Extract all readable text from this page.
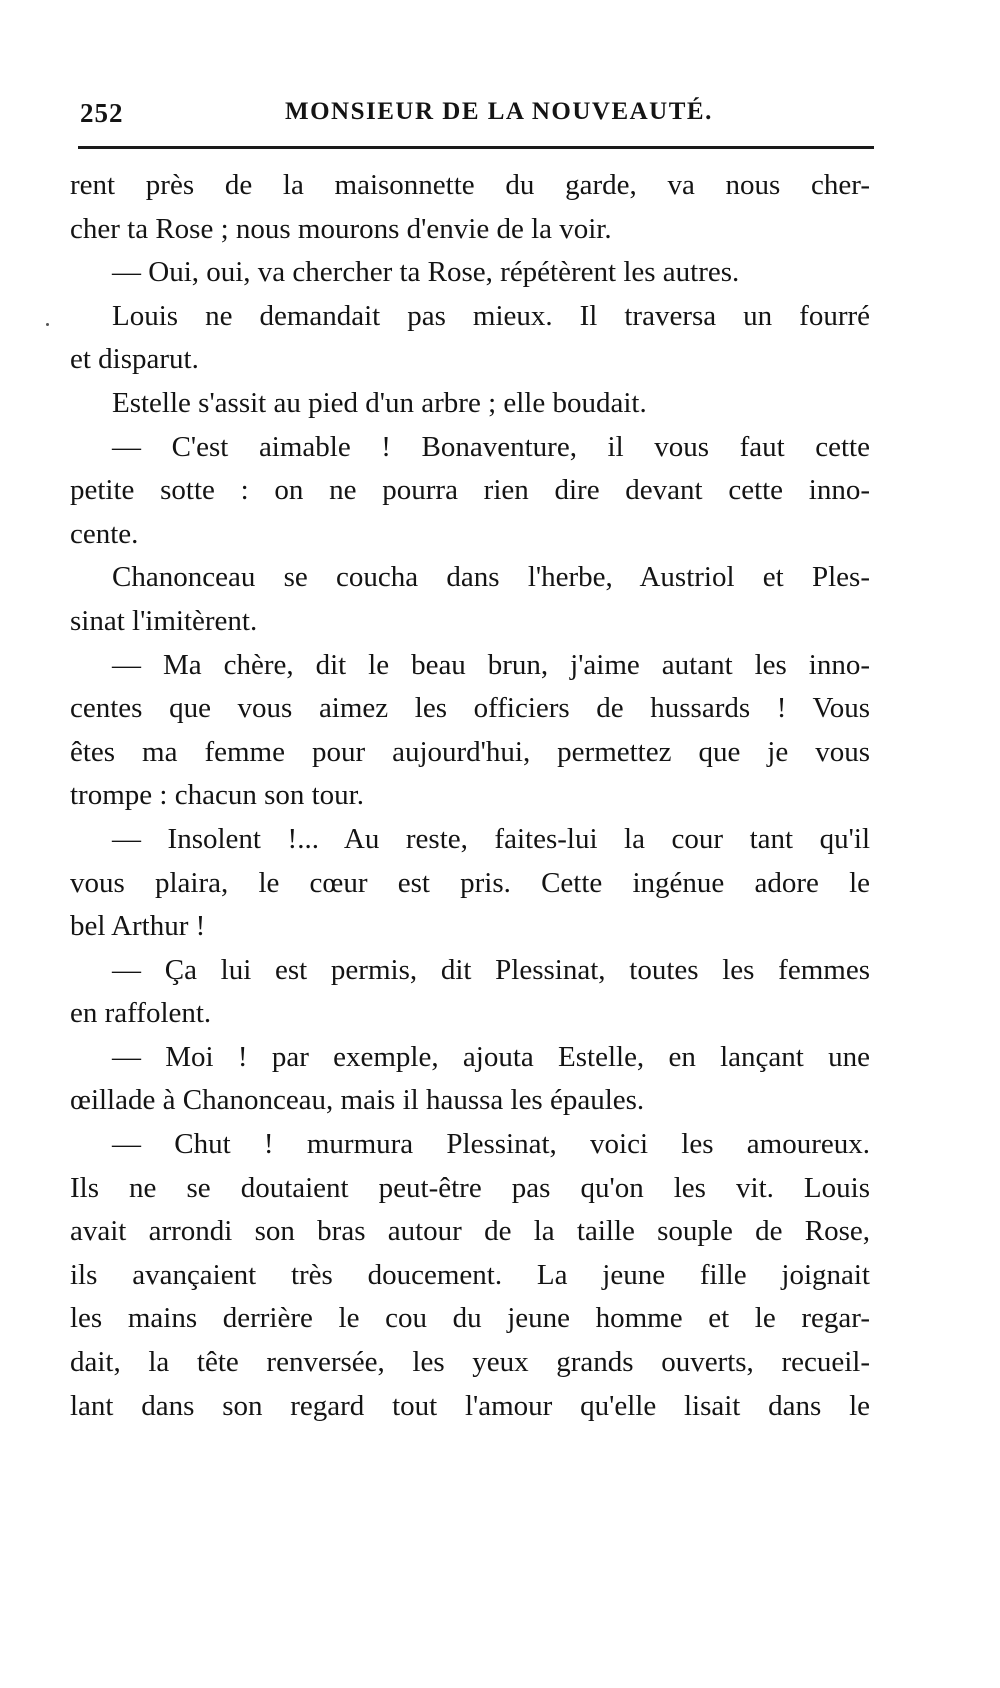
252	MONSIEUR DE LA NOUVEAUTÉ.
rent près de la maisonnette du garde, va nous cher-
cher ta Rose ; nous mourons d'envie de la voir.
— Oui, oui, va chercher ta Rose, répétèrent les autres.
Louis ne demandait pas mieux. Il traversa un fourré
et disparut.
Estelle s'assit au pied d'un arbre ; elle boudait.
— C'est aimable ! Bonaventure, il vous faut cette
petite sotte : on ne pourra rien dire devant cette inno-
cente.
Chanonceau se coucha dans l'herbe, Austriol et Ples-
sinat l'imitèrent.
— Ma chère, dit le beau brun, j'aime autant les inno-
centes que vous aimez les officiers de hussards ! Vous
êtes ma femme pour aujourd'hui, permettez que je vous
trompe : chacun son tour.
— Insolent !... Au reste, faites-lui la cour tant qu'il
vous plaira, le cœur est pris. Cette ingénue adore le
bel Arthur !
— Ça lui est permis, dit Plessinat, toutes les femmes
en raffolent.
— Moi ! par exemple, ajouta Estelle, en lançant une
œillade à Chanonceau, mais il haussa les épaules.
— Chut ! murmura Plessinat, voici les amoureux.
Ils ne se doutaient peut-être pas qu'on les vit. Louis
avait arrondi son bras autour de la taille souple de Rose,
ils avançaient très doucement. La jeune fille joignait
les mains derrière le cou du jeune homme et le regar-
dait, la tête renversée, les yeux grands ouverts, recueil-
lant dans son regard tout l'amour qu'elle lisait dans le
